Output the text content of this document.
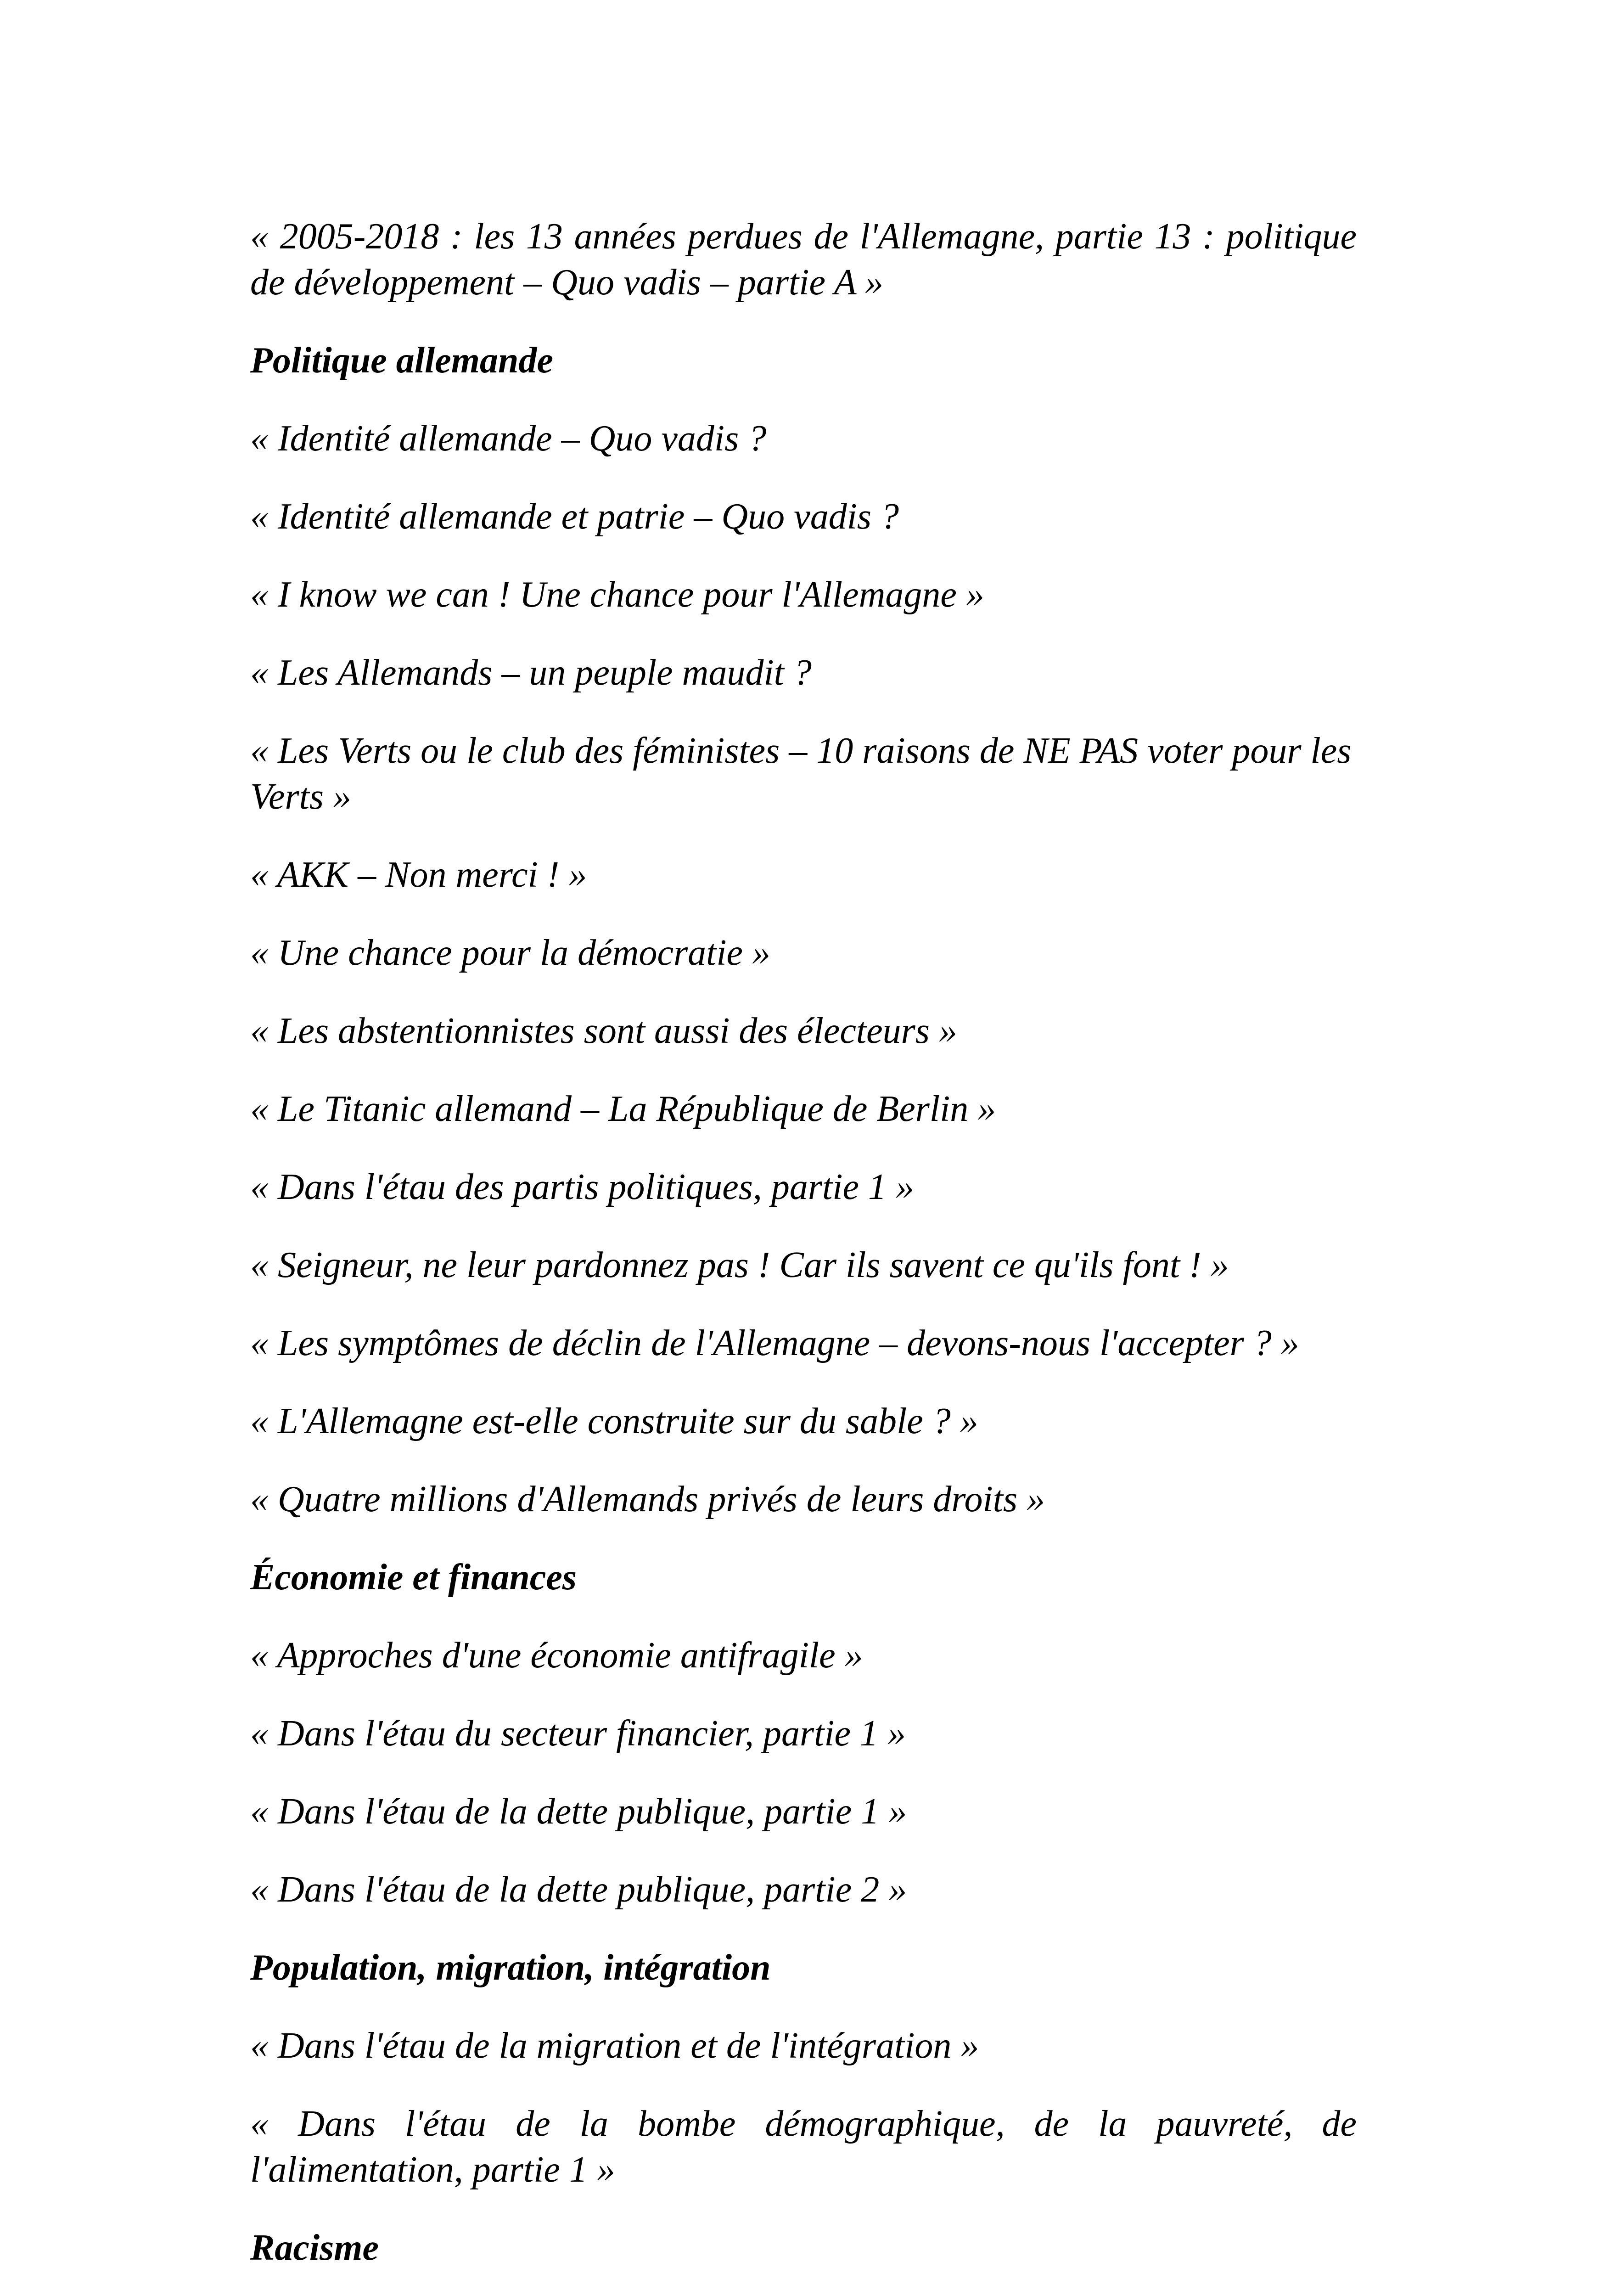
« 2005-2018 : les 13 années perdues de l'Allemagne, partie 13 : politique de développement – Quo vadis – partie A »

Politique allemande

« Identité allemande – Quo vadis ?

« Identité allemande et patrie – Quo vadis ?

« I know we can ! Une chance pour l'Allemagne »

« Les Allemands – un peuple maudit ?

« Les Verts ou le club des féministes – 10 raisons de NE PAS voter pour les Verts »

« AKK – Non merci ! »

« Une chance pour la démocratie »

« Les abstentionnistes sont aussi des électeurs »

« Le Titanic allemand – La République de Berlin »

« Dans l'étau des partis politiques, partie 1 »

« Seigneur, ne leur pardonnez pas ! Car ils savent ce qu'ils font ! »

« Les symptômes de déclin de l'Allemagne – devons-nous l'accepter ? »

« L'Allemagne est-elle construite sur du sable ? »

« Quatre millions d'Allemands privés de leurs droits »

Économie et finances

« Approches d'une économie antifragile »

« Dans l'étau du secteur financier, partie 1 »

« Dans l'étau de la dette publique, partie 1 »

« Dans l'étau de la dette publique, partie 2 »

Population, migration, intégration

« Dans l'étau de la migration et de l'intégration »

« Dans l'étau de la bombe démographique, de la pauvreté, de l'alimentation, partie 1 »

Racisme
